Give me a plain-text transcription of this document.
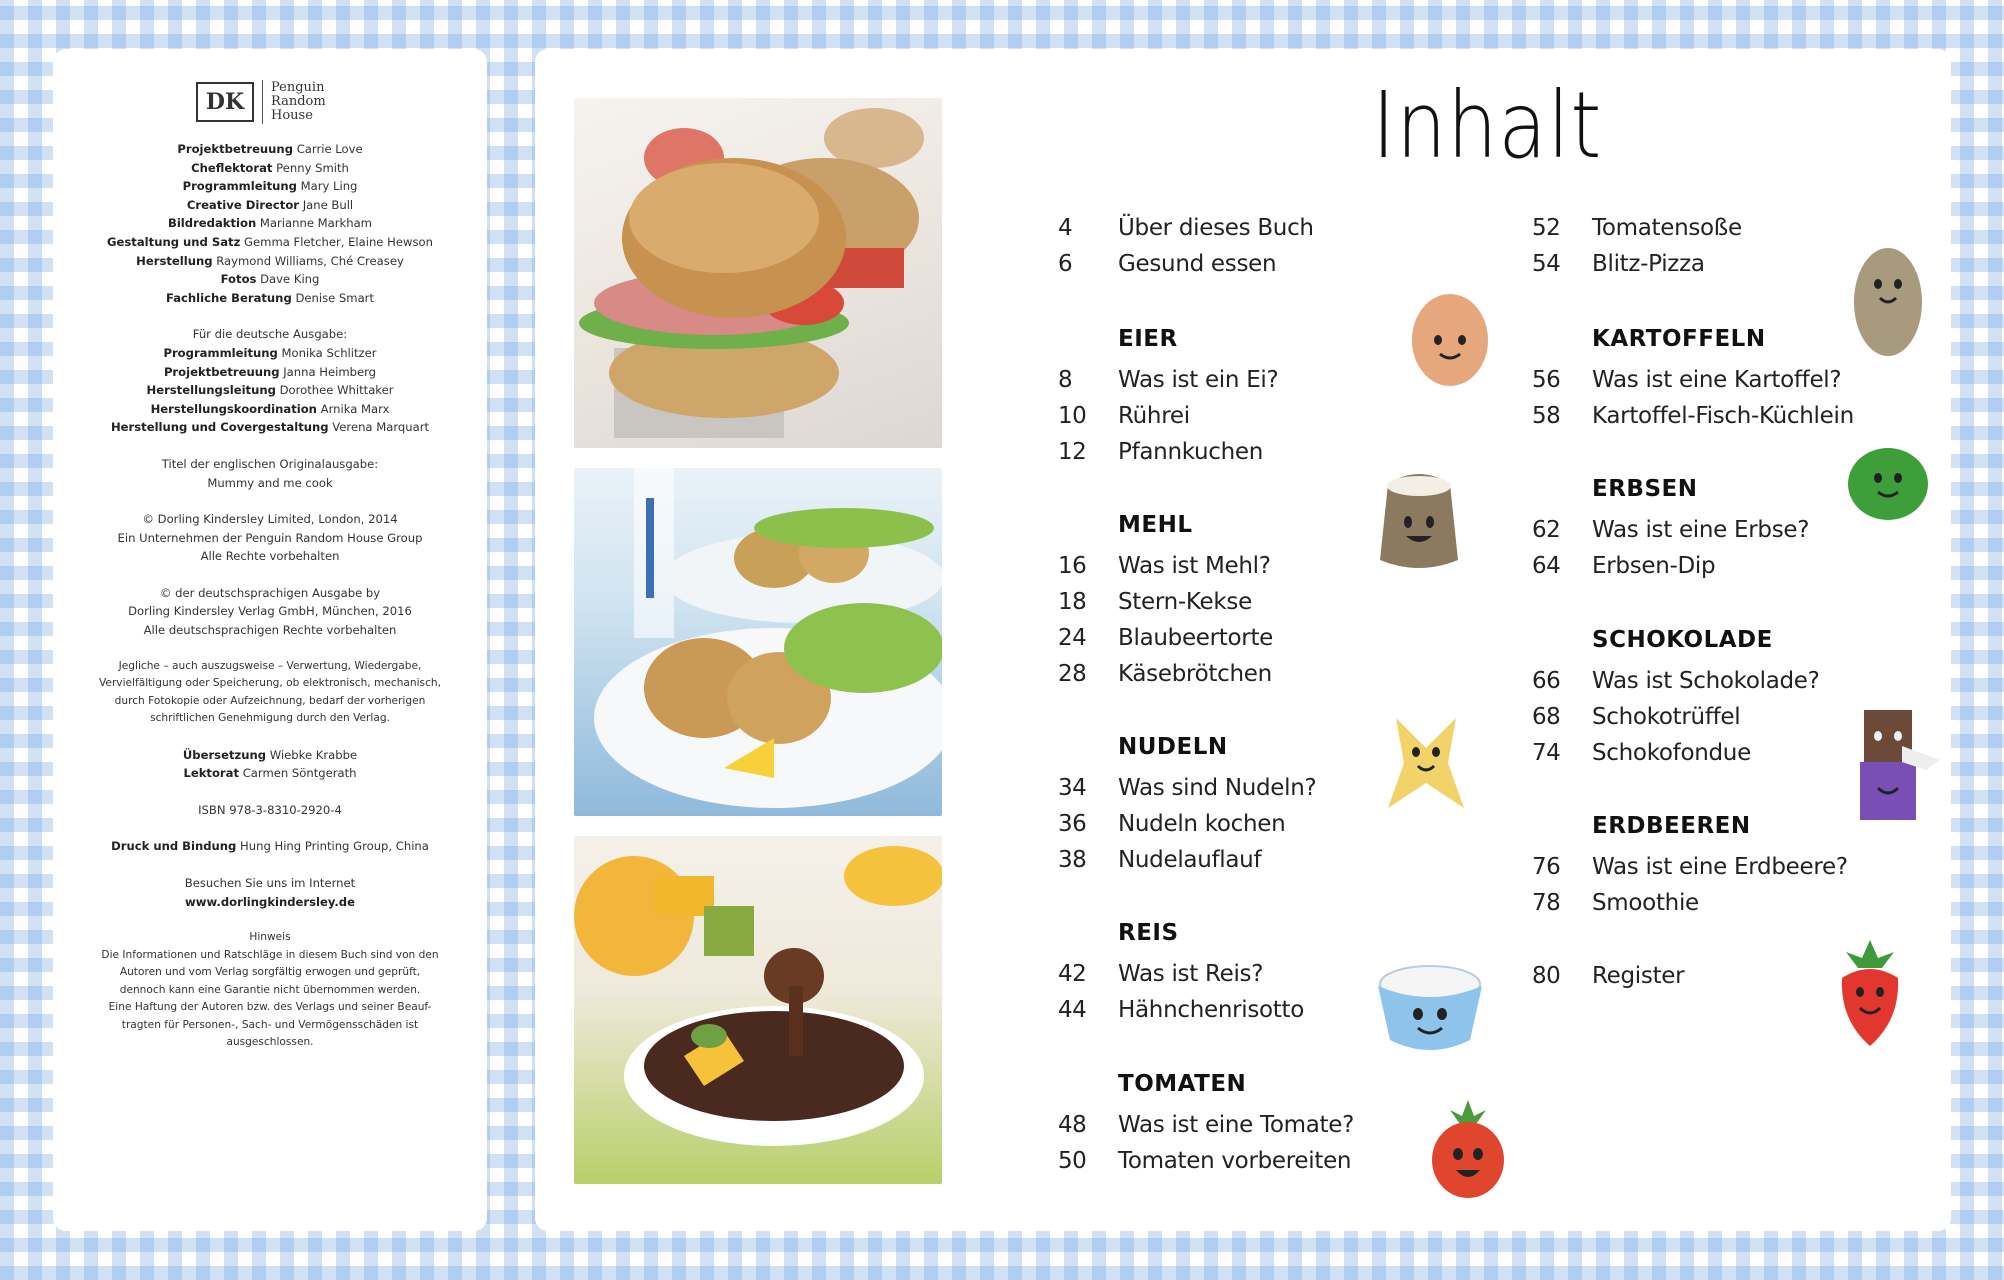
DK
Penguin
Random
House
Projektbetreuung Carrie Love
Cheflektorat Penny Smith
Programmleitung Mary Ling
Creative Director Jane Bull
Bildredaktion Marianne Markham
Gestaltung und Satz Gemma Fletcher, Elaine Hewson
Herstellung Raymond Williams, Ché Creasey
Fotos Dave King
Fachliche Beratung Denise Smart
Für die deutsche Ausgabe:
Programmleitung Monika Schlitzer
Projektbetreuung Janna Heimberg
Herstellungsleitung Dorothee Whittaker
Herstellungskoordination Arnika Marx
Herstellung und Covergestaltung Verena Marquart
Titel der englischen Originalausgabe:
Mummy and me cook
© Dorling Kindersley Limited, London, 2014
Ein Unternehmen der Penguin Random House Group
Alle Rechte vorbehalten
© der deutschsprachigen Ausgabe by
Dorling Kindersley Verlag GmbH, München, 2016
Alle deutschsprachigen Rechte vorbehalten
Jegliche – auch auszugsweise – Verwertung, Wiedergabe,
Vervielfältigung oder Speicherung, ob elektronisch, mechanisch,
durch Fotokopie oder Aufzeichnung, bedarf der vorherigen
schriftlichen Genehmigung durch den Verlag.
Übersetzung Wiebke Krabbe
Lektorat Carmen Söntgerath
ISBN 978-3-8310-2920-4
Druck und Bindung Hung Hing Printing Group, China
Besuchen Sie uns im Internet
www.dorlingkindersley.de
Hinweis
Die Informationen und Ratschläge in diesem Buch sind von den
Autoren und vom Verlag sorgfältig erwogen und geprüft,
dennoch kann eine Garantie nicht übernommen werden.
Eine Haftung der Autoren bzw. des Verlags und seiner Beauf-
tragten für Personen-, Sach- und Vermögensschäden ist
ausgeschlossen.
Inhalt
4 Über dieses Buch
6 Gesund essen
EIER
8 Was ist ein Ei?
10 Rührei
12 Pfannkuchen
MEHL
16 Was ist Mehl?
18 Stern-Kekse
24 Blaubeertorte
28 Käsebrötchen
NUDELN
34 Was sind Nudeln?
36 Nudeln kochen
38 Nudelauflauf
REIS
42 Was ist Reis?
44 Hähnchenrisotto
TOMATEN
48 Was ist eine Tomate?
50 Tomaten vorbereiten
52 Tomatensoße
54 Blitz-Pizza
KARTOFFELN
56 Was ist eine Kartoffel?
58 Kartoffel-Fisch-Küchlein
ERBSEN
62 Was ist eine Erbse?
64 Erbsen-Dip
SCHOKOLADE
66 Was ist Schokolade?
68 Schokotrüffel
74 Schokofondue
ERDBEEREN
76 Was ist eine Erdbeere?
78 Smoothie
80 Register
